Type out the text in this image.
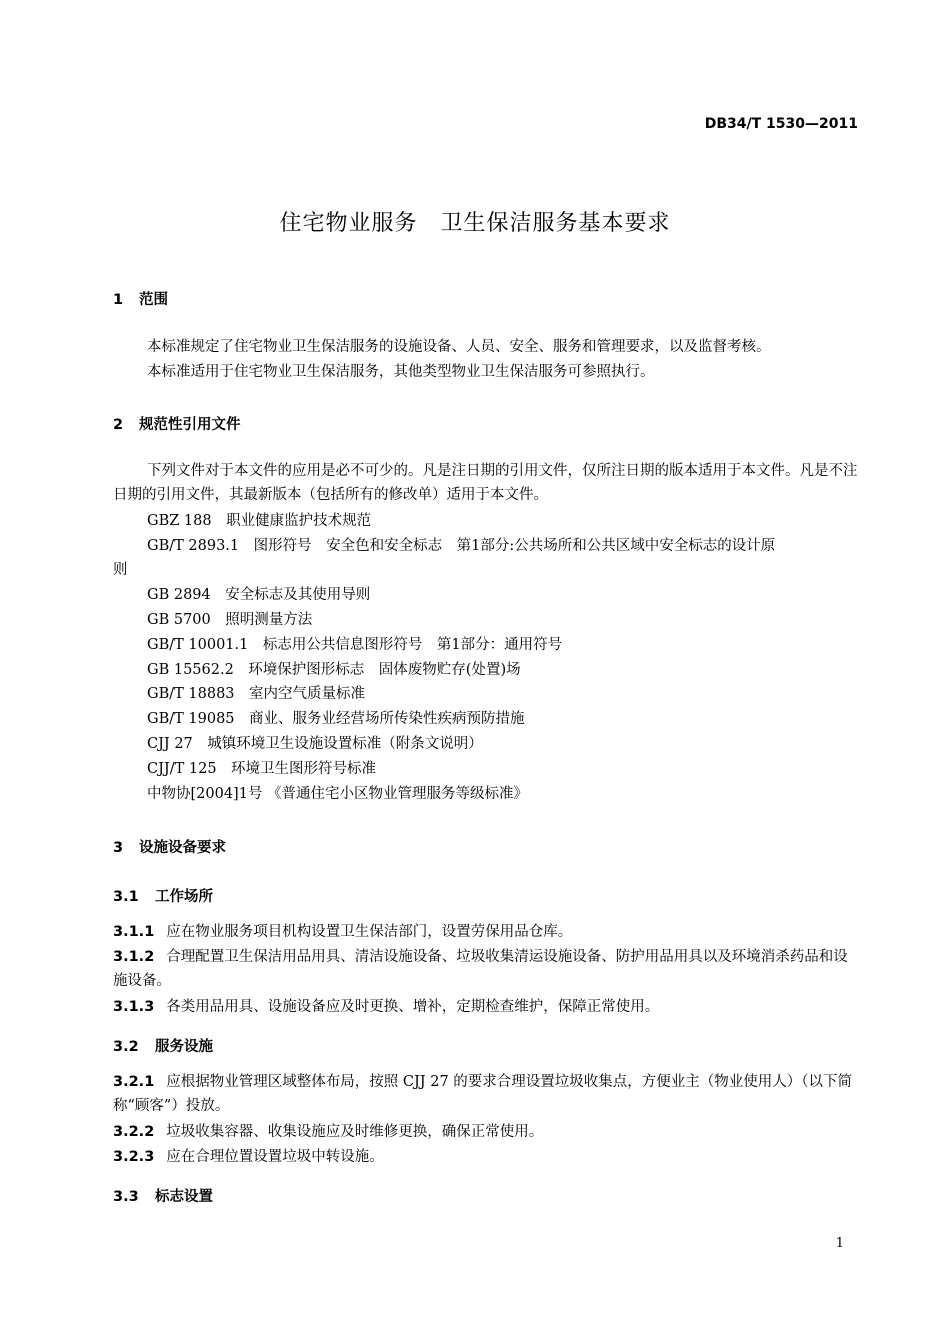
DB34/T 1530—2011
住宅物业服务　卫生保洁服务基本要求
1 范围
本标准规定了住宅物业卫生保洁服务的设施设备、人员、安全、服务和管理要求，以及监督考核。
本标准适用于住宅物业卫生保洁服务，其他类型物业卫生保洁服务可参照执行。
2 规范性引用文件
下列文件对于本文件的应用是必不可少的。凡是注日期的引用文件，仅所注日期的版本适用于本文件。凡是不注日期的引用文件，其最新版本（包括所有的修改单）适用于本文件。
GBZ 188　职业健康监护技术规范
GB/T 2893.1　图形符号　安全色和安全标志　第1部分:公共场所和公共区域中安全标志的设计原
则
GB 2894　安全标志及其使用导则
GB 5700　照明测量方法
GB/T 10001.1　标志用公共信息图形符号　第1部分：通用符号
GB 15562.2　环境保护图形标志　固体废物贮存(处置)场
GB/T 18883　室内空气质量标准
GB/T 19085　商业、服务业经营场所传染性疾病预防措施
CJJ 27　城镇环境卫生设施设置标准（附条文说明）
CJJ/T 125　环境卫生图形符号标准
中物协[2004]1号 《普通住宅小区物业管理服务等级标准》
3 设施设备要求
3.1 工作场所
3.1.1 应在物业服务项目机构设置卫生保洁部门，设置劳保用品仓库。
3.1.2 合理配置卫生保洁用品用具、清洁设施设备、垃圾收集清运设施设备、防护用品用具以及环境消杀药品和设施设备。
3.1.3 各类用品用具、设施设备应及时更换、增补，定期检查维护，保障正常使用。
3.2 服务设施
3.2.1 应根据物业管理区域整体布局，按照 CJJ 27 的要求合理设置垃圾收集点，方便业主（物业使用人）（以下简称“顾客”）投放。
3.2.2 垃圾收集容器、收集设施应及时维修更换，确保正常使用。
3.2.3 应在合理位置设置垃圾中转设施。
3.3 标志设置
1
